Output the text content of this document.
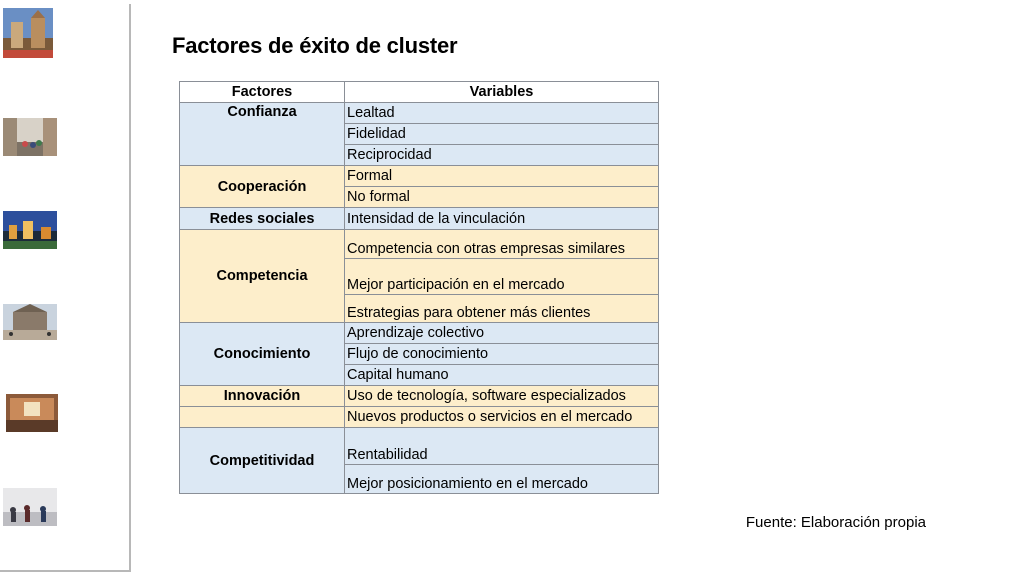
Factores de éxito de cluster
Factores	Variables
Confianza	Lealtad
	Fidelidad
	Reciprocidad
Cooperación	Formal
	No formal
Redes sociales	Intensidad de la vinculación
Competencia	Competencia con otras empresas similares
	Mejor participación en el mercado
	Estrategias para obtener más clientes
Conocimiento	Aprendizaje colectivo
	Flujo de conocimiento
	Capital humano
Innovación	Uso de tecnología, software especializados
	Nuevos productos o servicios en el mercado
Competitividad	Rentabilidad
	Mejor posicionamiento en el mercado
Fuente: Elaboración propia
